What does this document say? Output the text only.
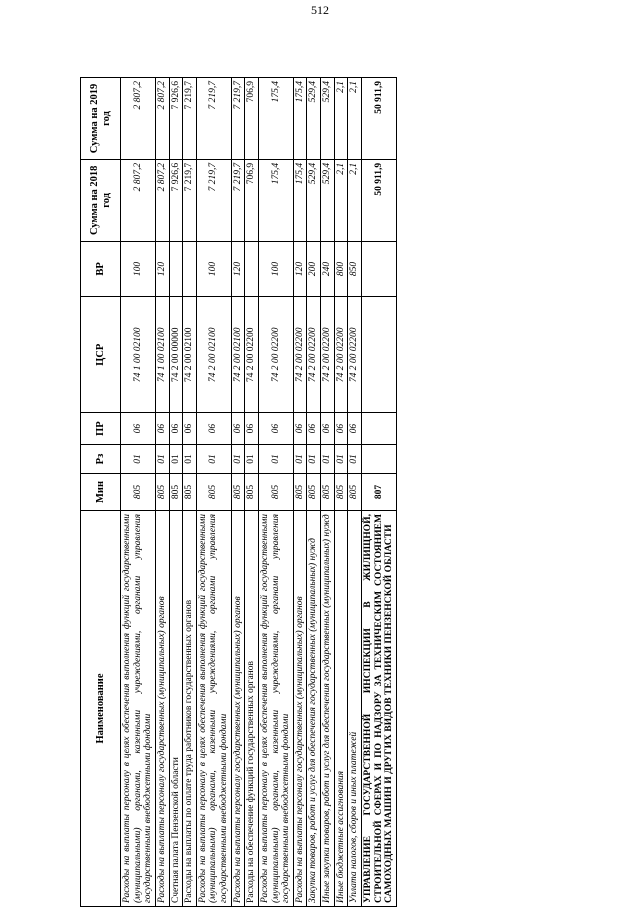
512
Наименование	Мин	Рз	ПР	ЦСР	ВР	Сумма на 2018 год	Сумма на 2019 год
Расходы на выплаты персоналу в целях обеспечения выполнения функций государственными (муниципальными) органами, казенными учреждениями, органами управления государственными внебюджетными фондами	805	01	06	74 1 00 02100	100	2 807,2	2 807,2
Расходы на выплаты персоналу государственных (муниципальных) органов	805	01	06	74 1 00 02100	120	2 807,2	2 807,2
Счетная палата Пензенской области	805	01	06	74 2 00 00000		7 926,6	7 926,6
Расходы на выплаты по оплате труда работников государственных органов	805	01	06	74 2 00 02100		7 219,7	7 219,7
Расходы на выплаты персоналу в целях обеспечения выполнения функций государственными (муниципальными) органами, казенными учреждениями, органами управления государственными внебюджетными фондами	805	01	06	74 2 00 02100	100	7 219,7	7 219,7
Расходы на выплаты персоналу государственных (муниципальных) органов	805	01	06	74 2 00 02100	120	7 219,7	7 219,7
Расходы на обеспечение функций государственных органов	805	01	06	74 2 00 02200		706,9	706,9
Расходы на выплаты персоналу в целях обеспечения выполнения функций государственными (муниципальными) органами, казенными учреждениями, органами управления государственными внебюджетными фондами	805	01	06	74 2 00 02200	100	175,4	175,4
Расходы на выплаты персоналу государственных (муниципальных) органов	805	01	06	74 2 00 02200	120	175,4	175,4
Закупка товаров, работ и услуг для обеспечения государственных (муниципальных) нужд	805	01	06	74 2 00 02200	200	529,4	529,4
Иные закупки товаров, работ и услуг для обеспечения государственных (муниципальных) нужд	805	01	06	74 2 00 02200	240	529,4	529,4
Иные бюджетные ассигнования	805	01	06	74 2 00 02200	800	2,1	2,1
Уплата налогов, сборов и иных платежей	805	01	06	74 2 00 02200	850	2,1	2,1
УПРАВЛЕНИЕ ГОСУДАРСТВЕННОЙ ИНСПЕКЦИИ В ЖИЛИЩНОЙ, СТРОИТЕЛЬНОЙ СФЕРАХ И ПО НАДЗОРУ ЗА ТЕХНИЧЕСКИМ СОСТОЯНИЕМ САМОХОДНЫХ МАШИН И ДРУГИХ ВИДОВ ТЕХНИКИ ПЕНЗЕНСКОЙ ОБЛАСТИ	807					50 911,9	50 911,9
